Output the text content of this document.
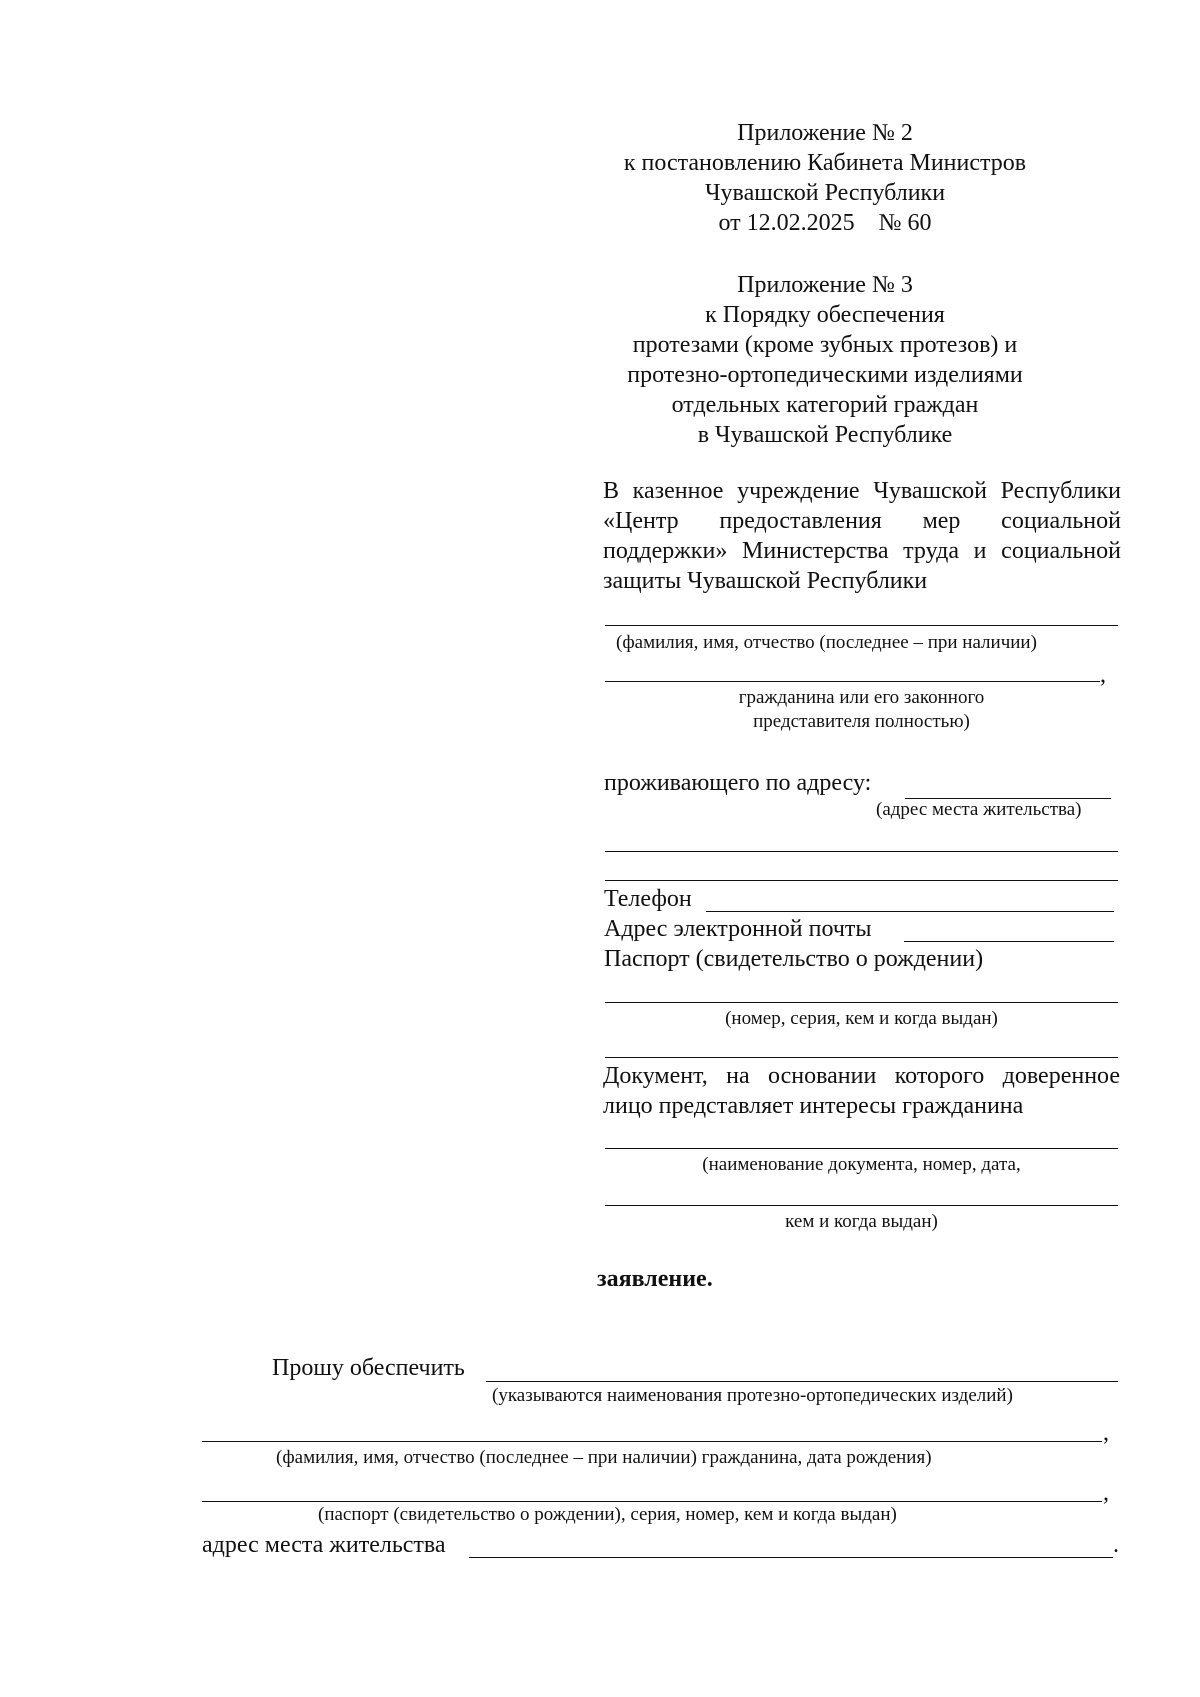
Приложение № 2
к постановлению Кабинета Министров
Чувашской Республики
от 12.02.2025    № 60
Приложение № 3
к Порядку обеспечения
протезами (кроме зубных протезов) и
протезно-ортопедическими изделиями
отдельных категорий граждан
в Чувашской Республике
В казенное учреждение Чувашской Республики «Центр предоставления мер социальной поддержки» Министерства труда и социальной защиты Чувашской Республики
(фамилия, имя, отчество (последнее – при наличии)
,
гражданина или его законного
представителя полностью)
проживающего по адресу:
(адрес места жительства)
Телефон
Адрес электронной почты
Паспорт (свидетельство о рождении)
(номер, серия, кем и когда выдан)
Документ, на основании которого доверенное лицо представляет интересы гражданина
(наименование документа, номер, дата,
кем и когда выдан)
заявление.
Прошу обеспечить
(указываются наименования протезно-ортопедических изделий)
,
(фамилия, имя, отчество (последнее – при наличии) гражданина, дата рождения)
,
(паспорт (свидетельство о рождении), серия, номер, кем и когда выдан)
адрес места жительства	.
